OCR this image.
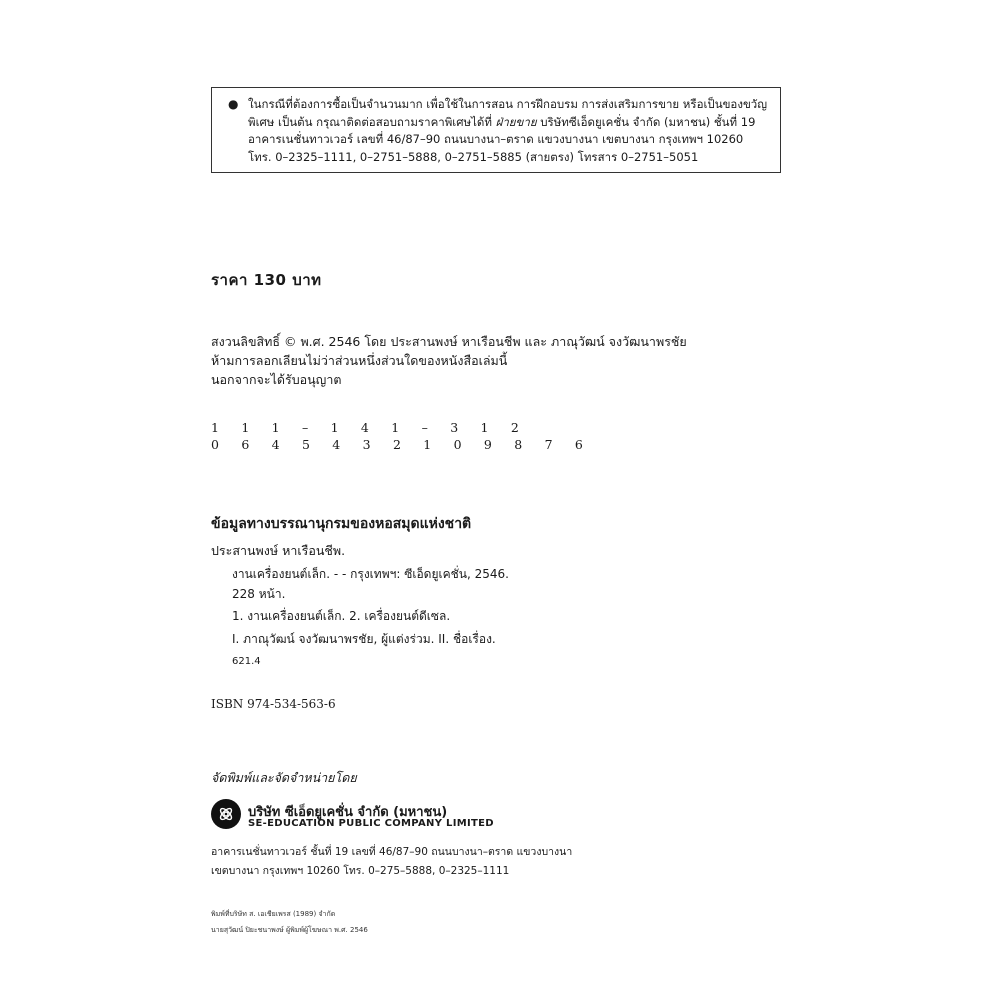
● ในกรณีที่ต้องการซื้อเป็นจำนวนมาก เพื่อใช้ในการสอน การฝึกอบรม การส่งเสริมการขาย หรือเป็นของขวัญ
พิเศษ เป็นต้น กรุณาติดต่อสอบถามราคาพิเศษได้ที่ ฝ่ายขาย บริษัทซีเอ็ดยูเคชั่น จำกัด (มหาชน) ชั้นที่ 19
อาคารเนชั่นทาวเวอร์ เลขที่ 46/87–90 ถนนบางนา–ตราด แขวงบางนา เขตบางนา กรุงเทพฯ 10260
โทร. 0–2325–1111, 0–2751–5888, 0–2751–5885 (สายตรง) โทรสาร 0–2751–5051
ราคา 130 บาท
สงวนลิขสิทธิ์ © พ.ศ. 2546 โดย ประสานพงษ์ หาเรือนชีพ และ ภาณุวัฒน์ จงวัฒนาพรชัย
ห้ามการลอกเลียนไม่ว่าส่วนหนึ่งส่วนใดของหนังสือเล่มนี้
นอกจากจะได้รับอนุญาต
1 1 1 – 1 4 1 – 3 1 2
0 6 4 5 4 3 2 1 0 9 8 7 6
ข้อมูลทางบรรณานุกรมของหอสมุดแห่งชาติ
ประสานพงษ์ หาเรือนชีพ.
งานเครื่องยนต์เล็ก. - - กรุงเทพฯ: ซีเอ็ดยูเคชั่น, 2546.
228 หน้า.
1. งานเครื่องยนต์เล็ก. 2. เครื่องยนต์ดีเซล.
I. ภาณุวัฒน์ จงวัฒนาพรชัย, ผู้แต่งร่วม. II. ชื่อเรื่อง.
621.4
ISBN 974-534-563-6
จัดพิมพ์และจัดจำหน่ายโดย
บริษัท ซีเอ็ดยูเคชั่น จำกัด (มหาชน)
SE-EDUCATION PUBLIC COMPANY LIMITED
อาคารเนชั่นทาวเวอร์ ชั้นที่ 19 เลขที่ 46/87–90 ถนนบางนา–ตราด แขวงบางนา
เขตบางนา กรุงเทพฯ 10260 โทร. 0–275–5888, 0–2325–1111
พิมพ์ที่บริษัท ส. เอเชียเพรส (1989) จำกัด
นายสุวัฒน์ ปิยะชนาพงษ์ ผู้พิมพ์ผู้โฆษณา พ.ศ. 2546
